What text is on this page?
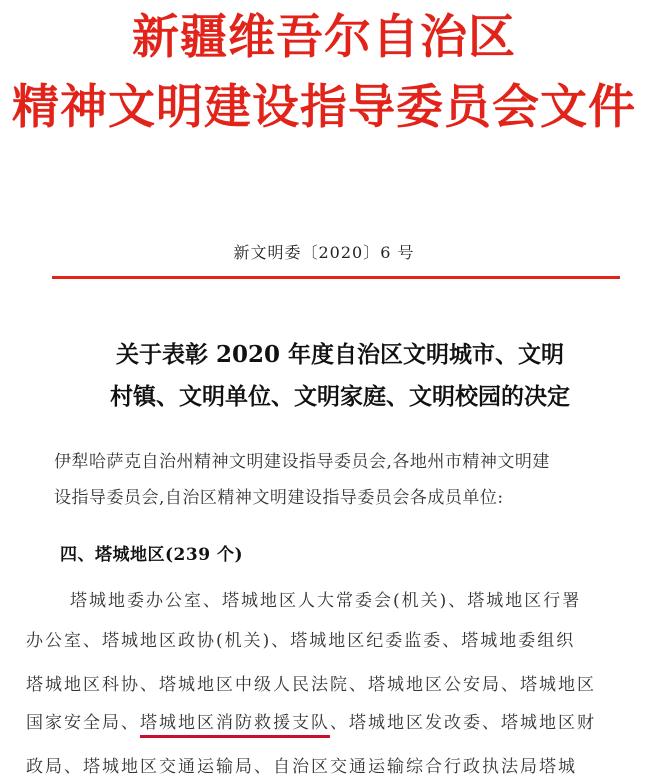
新疆维吾尔自治区
精神文明建设指导委员会文件
新文明委〔2020〕6 号
关于表彰 2020 年度自治区文明城市、文明
村镇、文明单位、文明家庭、文明校园的决定
伊犁哈萨克自治州精神文明建设指导委员会,各地州市精神文明建
设指导委员会,自治区精神文明建设指导委员会各成员单位:
四、塔城地区(239 个)
塔城地委办公室、塔城地区人大常委会(机关)、塔城地区行署
办公室、塔城地区政协(机关)、塔城地区纪委监委、塔城地委组织
塔城地区科协、塔城地区中级人民法院、塔城地区公安局、塔城地区
国家安全局、塔城地区消防救援支队、塔城地区发改委、塔城地区财
政局、塔城地区交通运输局、自治区交通运输综合行政执法局塔城
